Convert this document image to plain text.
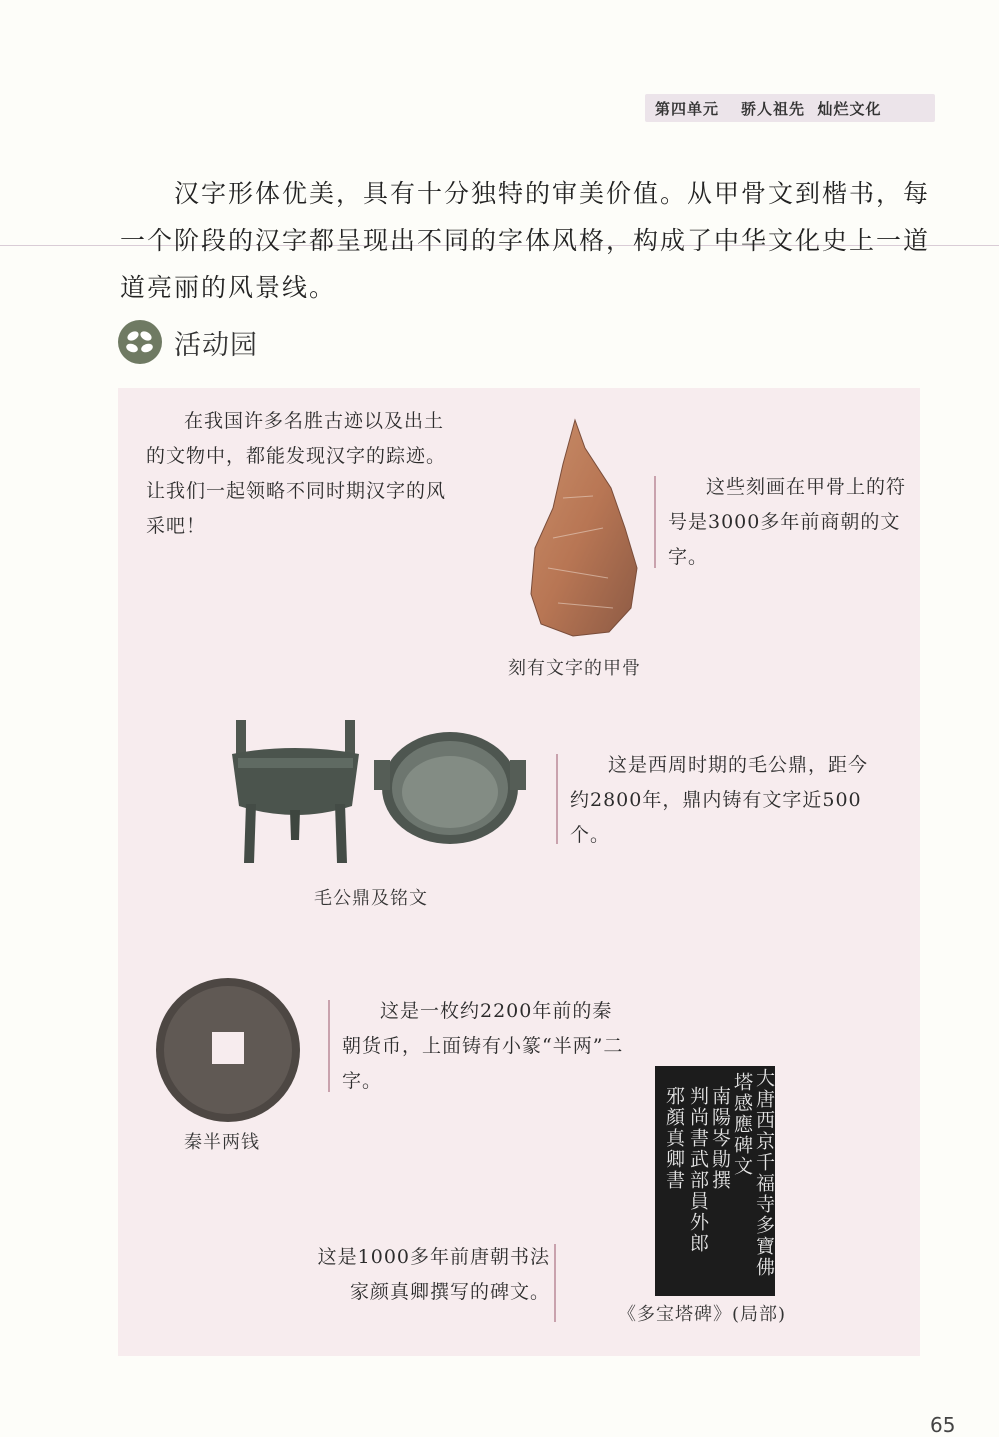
第四单元 骄人祖先  灿烂文化

汉字形体优美，具有十分独特的审美价值。从甲骨文到楷书，每一个阶段的汉字都呈现出不同的字体风格，构成了中华文化史上一道道亮丽的风景线。

活动园
在我国许多名胜古迹以及出土的文物中，都能发现汉字的踪迹。让我们一起领略不同时期汉字的风采吧！
这些刻画在甲骨上的符号是3000多年前商朝的文字。
刻有文字的甲骨
这是西周时期的毛公鼎，距今约2800年，鼎内铸有文字近500个。
毛公鼎及铭文
这是一枚约2200年前的秦朝货币，上面铸有小篆“半两”二字。
秦半两钱	大唐西京千福寺多寶佛
塔感應碑文
南陽岑勛撰
判尚書武部員外郎
邪顏真卿書
这是1000多年前唐朝书法家颜真卿撰写的碑文。
《多宝塔碑》(局部)
65
